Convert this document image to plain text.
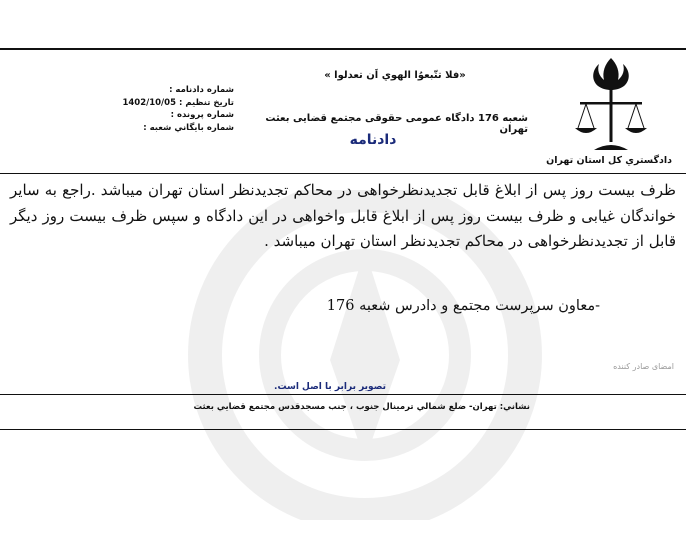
دادگستري كل استان تهران
«فلا تتّبعوُا الهوي اَن تعدلوا »
شعبه 176 دادگاه عمومی حقوقی مجتمع قضايی بعثت تهران
دادنامه
شماره دادنامه :
تاريخ تنظيم :
1402/10/05
شماره پرونده :
شماره بايگاني شعبه :
ظرف بیست روز پس از ابلاغ قابل تجدیدنظرخواهی در محاکم تجدیدنظر استان تهران میباشد .راجع به سایر خواندگان غیابی و ظرف بیست روز پس از ابلاغ قابل واخواهی در این دادگاه و سپس ظرف بیست روز دیگر قابل از تجدیدنظرخواهی در محاکم تجدیدنظر استان تهران میباشد .
-معاون سرپرست مجتمع و دادرس شعبه 176
امضای صادر کننده
تصوير برابر با اصل است.
نشاني: تهران- ضلع شمالي ترمينال جنوب ، جنب مسجدقدس مجتمع قضايي بعثت
